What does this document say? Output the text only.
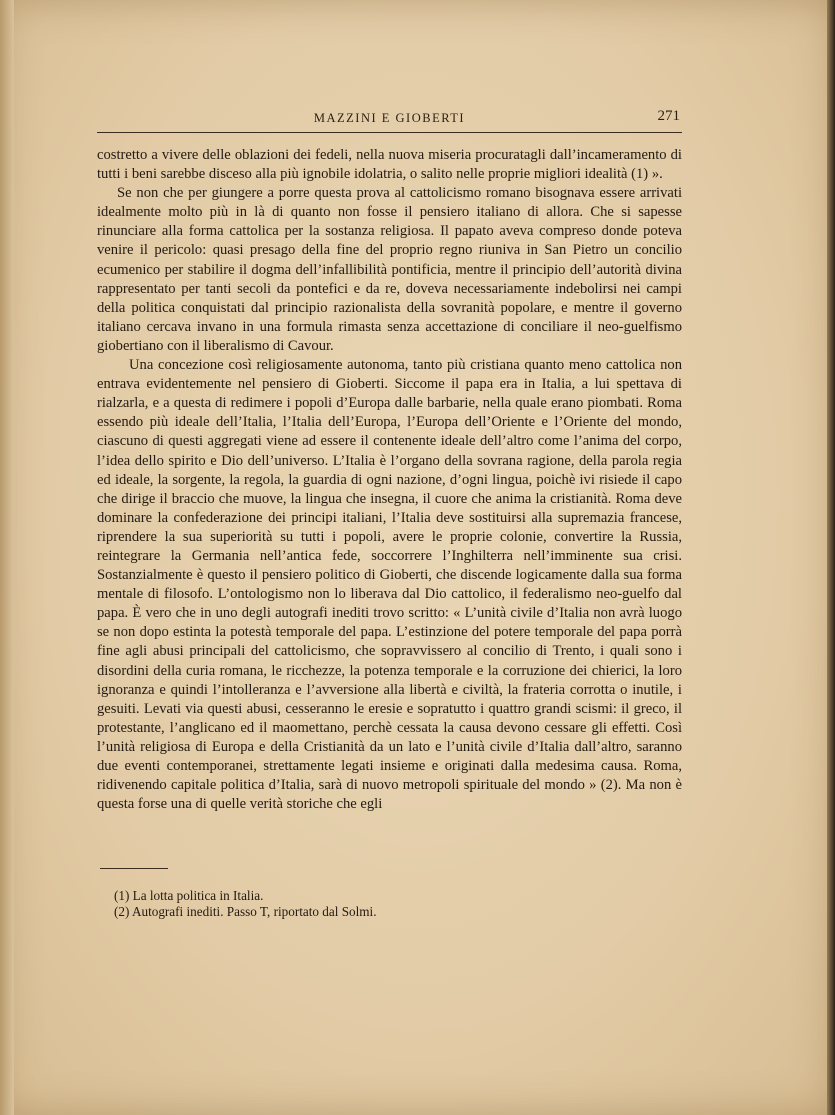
MAZZINI E GIOBERTI	271

costretto a vivere delle oblazioni dei fedeli, nella nuova miseria procuratagli dall’incameramento di tutti i beni sarebbe disceso alla più ignobile idolatria, o salito nelle proprie migliori idealità (1) ».

Se non che per giungere a porre questa prova al cattolicismo romano bisognava essere arrivati idealmente molto più in là di quanto non fosse il pensiero italiano di allora. Che si sapesse rinunciare alla forma cattolica per la sostanza religiosa. Il papato aveva compreso donde poteva venire il pericolo: quasi presago della fine del proprio regno riuniva in San Pietro un concilio ecumenico per stabilire il dogma dell’infallibilità pontificia, mentre il principio dell’autorità divina rappresentato per tanti secoli da pontefici e da re, doveva necessariamente indebolirsi nei campi della politica conquistati dal principio razionalista della sovranità popolare, e mentre il governo italiano cercava invano in una formula rimasta senza accettazione di conciliare il neo-guelfismo giobertiano con il liberalismo di Cavour.

Una concezione così religiosamente autonoma, tanto più cristiana quanto meno cattolica non entrava evidentemente nel pensiero di Gioberti. Siccome il papa era in Italia, a lui spettava di rialzarla, e a questa di redimere i popoli d’Europa dalle barbarie, nella quale erano piombati. Roma essendo più ideale dell’Italia, l’Italia dell’Europa, l’Europa dell’Oriente e l’Oriente del mondo, ciascuno di questi aggregati viene ad essere il contenente ideale dell’altro come l’anima del corpo, l’idea dello spirito e Dio dell’universo. L’Italia è l’organo della sovrana ragione, della parola regia ed ideale, la sorgente, la regola, la guardia di ogni nazione, d’ogni lingua, poichè ivi risiede il capo che dirige il braccio che muove, la lingua che insegna, il cuore che anima la cristianità. Roma deve dominare la confederazione dei principi italiani, l’Italia deve sostituirsi alla supremazia francese, riprendere la sua superiorità su tutti i popoli, avere le proprie colonie, convertire la Russia, reintegrare la Germania nell’antica fede, soccorrere l’Inghilterra nell’imminente sua crisi. Sostanzialmente è questo il pensiero politico di Gioberti, che discende logicamente dalla sua forma mentale di filosofo. L’ontologismo non lo liberava dal Dio cattolico, il federalismo neo-guelfo dal papa. È vero che in uno degli autografi inediti trovo scritto: « L’unità civile d’Italia non avrà luogo se non dopo estinta la potestà temporale del papa. L’estinzione del potere temporale del papa porrà fine agli abusi principali del cattolicismo, che sopravvissero al concilio di Trento, i quali sono i disordini della curia romana, le ricchezze, la potenza temporale e la corruzione dei chierici, la loro ignoranza e quindi l’intolleranza e l’avversione alla libertà e civiltà, la frateria corrotta o inutile, i gesuiti. Levati via questi abusi, cesseranno le eresie e sopratutto i quattro grandi scismi: il greco, il protestante, l’anglicano ed il maomettano, perchè cessata la causa devono cessare gli effetti. Così l’unità religiosa di Europa e della Cristianità da un lato e l’unità civile d’Italia dall’altro, saranno due eventi contemporanei, strettamente legati insieme e originati dalla medesima causa. Roma, ridivenendo capitale politica d’Italia, sarà di nuovo metropoli spirituale del mondo » (2). Ma non è questa forse una di quelle verità storiche che egli

(1) La lotta politica in Italia.

(2) Autografi inediti. Passo T, riportato dal Solmi.
